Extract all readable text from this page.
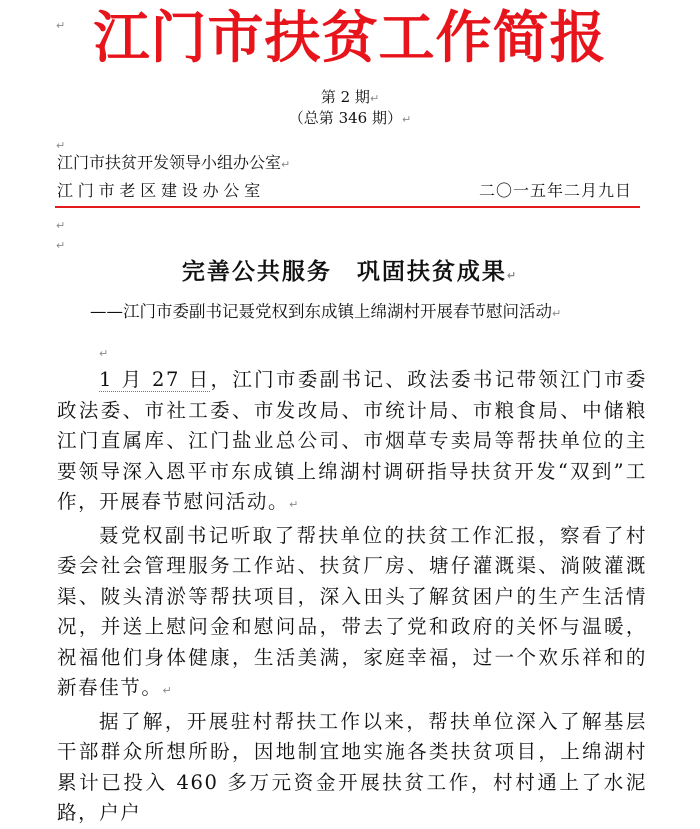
江门市扶贫工作简报
↵
第 2 期↵
（总第 346 期）↵
↵
江门市扶贫开发领导小组办公室↵
江门市老区建设办公室	二〇一五年二月九日
↵
↵
完善公共服务　巩固扶贫成果↵
——江门市委副书记聂党权到东成镇上绵湖村开展春节慰问活动↵
↵

1 月 27 日，江门市委副书记、政法委书记带领江门市委政法委、市社工委、市发改局、市统计局、市粮食局、中储粮江门直属库、江门盐业总公司、市烟草专卖局等帮扶单位的主要领导深入恩平市东成镇上绵湖村调研指导扶贫开发“双到”工作，开展春节慰问活动。↵

聂党权副书记听取了帮扶单位的扶贫工作汇报，察看了村委会社会管理服务工作站、扶贫厂房、塘仔灌溉渠、淌陂灌溉渠、陂头清淤等帮扶项目，深入田头了解贫困户的生产生活情况，并送上慰问金和慰问品，带去了党和政府的关怀与温暖，祝福他们身体健康，生活美满，家庭幸福，过一个欢乐祥和的新春佳节。↵

据了解，开展驻村帮扶工作以来，帮扶单位深入了解基层干部群众所想所盼，因地制宜地实施各类扶贫项目，上绵湖村累计已投入 460 多万元资金开展扶贫工作，村村通上了水泥路，户户
